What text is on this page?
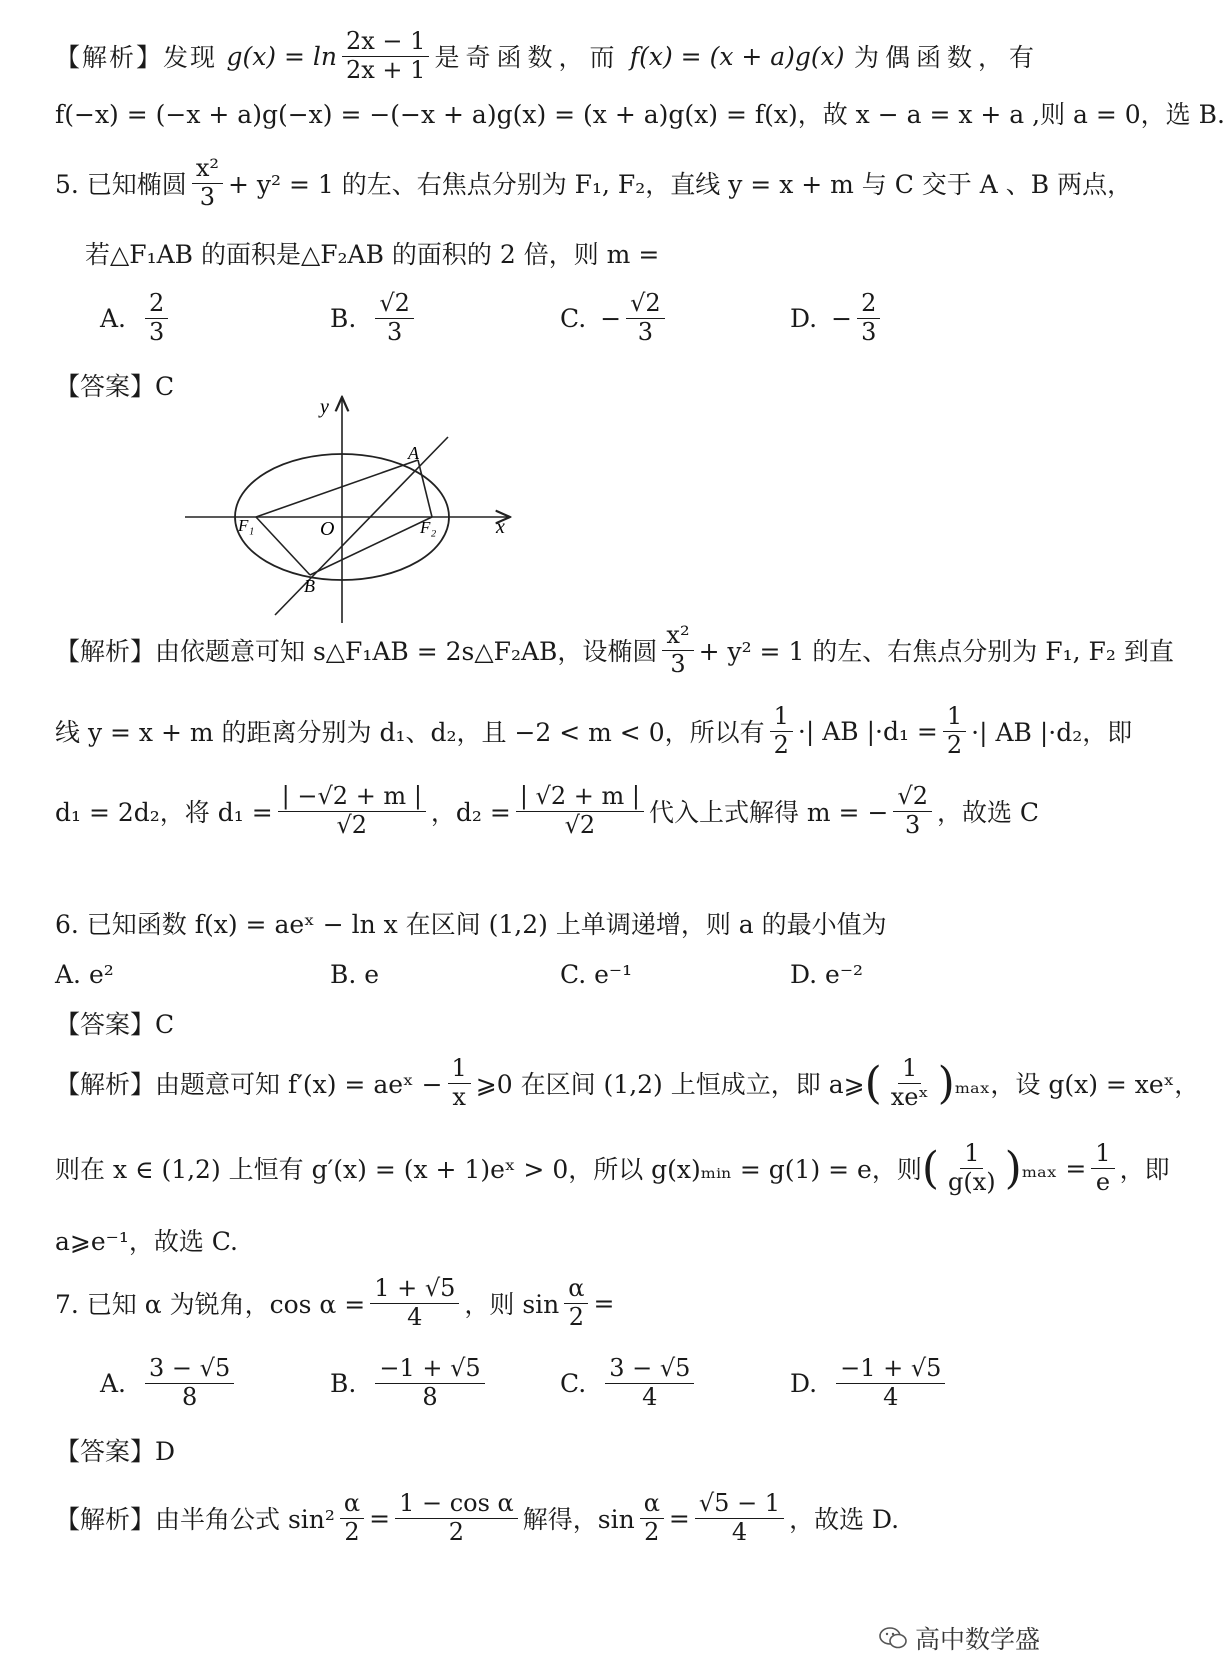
【解析】发现 $g(x) = \ln \frac{2x - 1}{2x + 1}$ 是奇函数，而 f(x) = (x + a)g(x) 为偶函数，有
f(−x) = (−x + a)g(−x) = −(−x + a)g(x) = (x + a)g(x) = f(x)，故 x − a = x + a ,则 a = 0，选 B.
5. 已知椭圆 $\frac{\text{x²}}{3} + y^2 = 1$ 的左、右焦点分别为 F₁, F₂，直线 y = x + m 与 C 交于 A 、B 两点，
若△F₁AB 的面积是△F₂AB 的面积的 2 倍，则 m =
A. $\frac{2}{3}$	B. $\frac{√2}{3}$	C. − $\frac{√2}{3}$	D. − $\frac{2}{3}$
【答案】C
y
x
O
A
B
F₁	F₂
【解析】由依题意可知 s△F₁AB = 2s△F₂AB，设椭圆 $\frac{\text{x²}}{3} + y^2 = 1$ 的左、右焦点分别为 F₁, F₂ 到直
线 y = x + m 的距离分别为 d₁、d₂，且 −2 < m < 0，所以有 $\frac{1}{2}$ ·| AB $|\cdot d_1 = \frac{1}{2}$ ·| AB |·d₂，即
d₁ = 2d₂，将 $d_1 = \frac{| -√2 + m |}{√2}$ ，$d_2 = \frac{| √2 + m |}{√2}$ 代入上式解得 m = − $\frac{√2}{3}$ ，故选 C
6. 已知函数 f(x) = aeˣ − ln x 在区间 (1,2) 上单调递增，则 a 的最小值为
A. e²	B. e	C. e⁻¹	D. e⁻²
【答案】C
【解析】由题意可知 f′(x) = aeˣ − $\frac{1}{x}$ ⩾0 在区间 (1,2) 上恒成立，即 a⩾ ( $\frac{1}{\text{xeˣ}}$ ) ₘₐₓ，设 g(x) = xeˣ，
则在 x ∈ (1,2) 上恒有 g′(x) = (x + 1)eˣ > 0，所以 g(x)ₘᵢₙ = g(1) = e，则 ( $\frac{1}{g(x)}$ ) $_{max} = \frac{1}{e}$ ，即
a⩾e⁻¹，故选 C.
7. 已知 α 为锐角，$\cos \alpha = \frac{1 + √5}{4}$ ，则 $\sin \frac{\alpha}{2}$ =
A. $\frac{3 - √5}{8}$	B. $\frac{-1 + √5}{8}$	C. $\frac{3 - √5}{4}$	D. $\frac{-1 + √5}{4}$
【答案】D
【解析】由半角公式 $\sin^2 \frac{\alpha}{2} = \frac{\text{1 − cos α}}{2}$ 解得，$\sin \frac{\alpha}{2} = \frac{√5 - 1}{4}$ ，故选 D.
高中数学盛
